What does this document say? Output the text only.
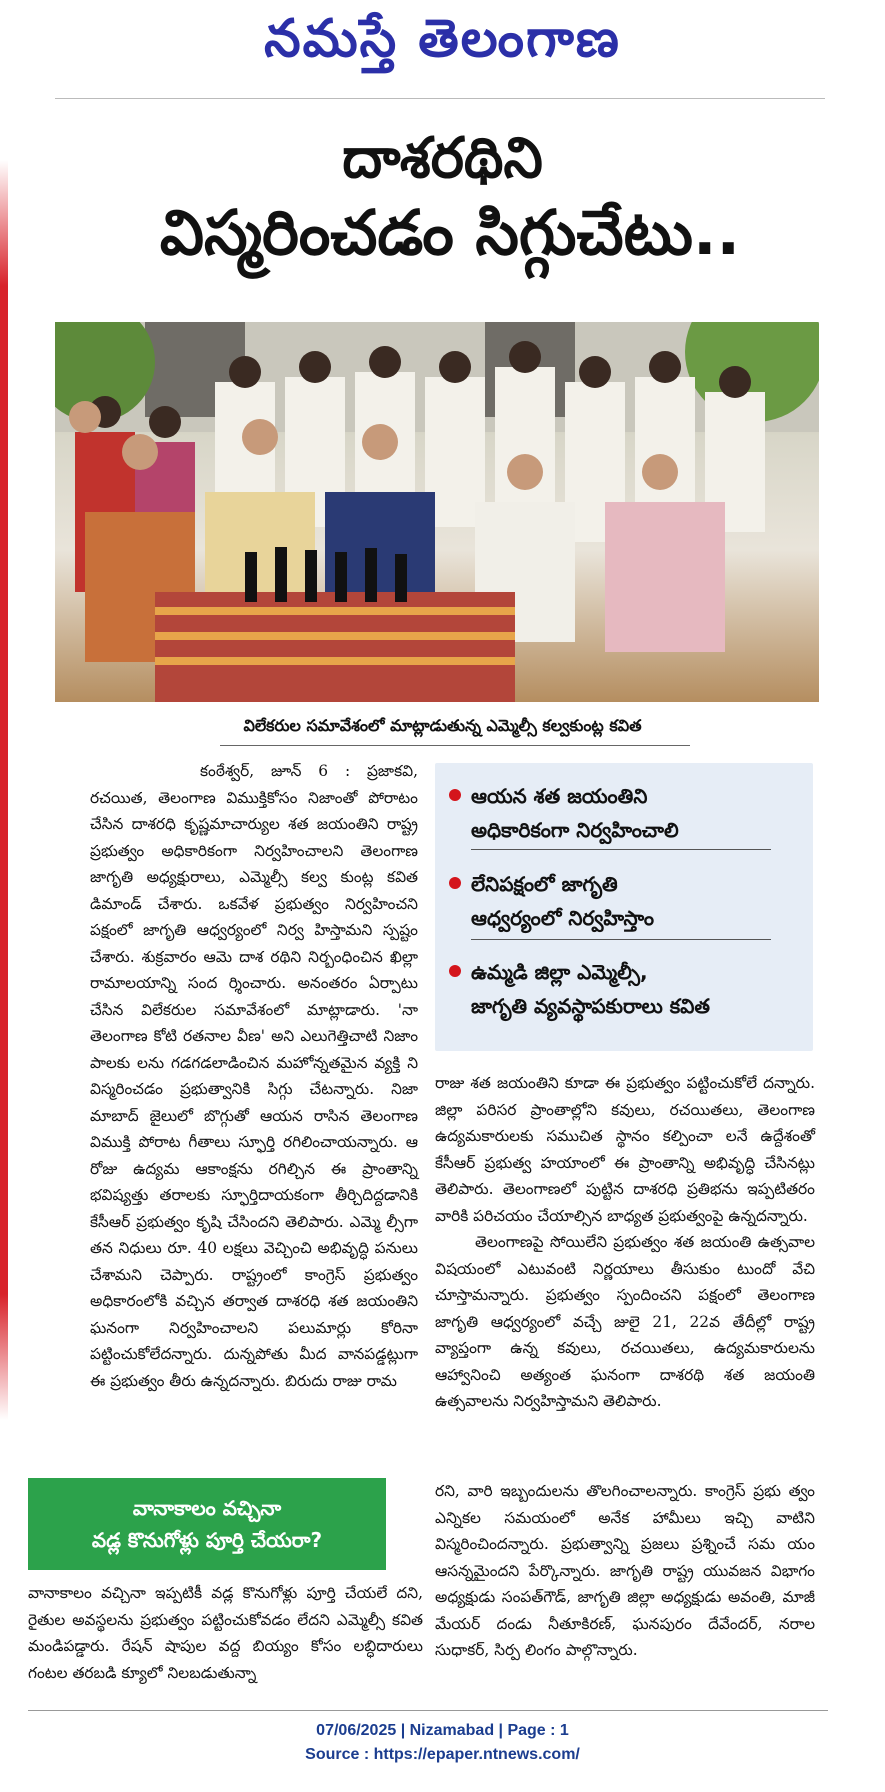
నమస్తే తెలంగాణ
దాశరథిని
విస్మరించడం సిగ్గుచేటు..
విలేకరుల సమావేశంలో మాట్లాడుతున్న ఎమ్మెల్సీ కల్వకుంట్ల కవిత

కంఠేశ్వర్, జూన్ 6 : ప్రజాకవి, రచయిత, తెలంగాణ విముక్తికోసం నిజాంతో పోరాటం చేసిన దాశరధి కృష్ణమాచార్యుల శత జయంతిని రాష్ట్ర ప్రభుత్వం అధికారికంగా నిర్వహించాలని తెలంగాణ జాగృతి అధ్యక్షురాలు, ఎమ్మెల్సీ కల్వ కుంట్ల కవిత డిమాండ్ చేశారు. ఒకవేళ ప్రభుత్వం నిర్వహించని పక్షంలో జాగృతి ఆధ్వర్యంలో నిర్వ హిస్తామని స్పష్టం చేశారు. శుక్రవారం ఆమె దాశ రథిని నిర్బంధించిన ఖిల్లా రామాలయాన్ని సంద ర్శించారు. అనంతరం ఏర్పాటు చేసిన విలేకరుల సమావేశంలో మాట్లాడారు. 'నా తెలంగాణ కోటి రతనాల వీణ' అని ఎలుగెత్తిచాటి నిజాం పాలకు లను గడగడలాడించిన మహోన్నతమైన వ్యక్తి ని విస్మరించడం ప్రభుత్వానికి సిగ్గు చేటన్నారు. నిజా మాబాద్ జైలులో బొగ్గుతో ఆయన రాసిన తెలంగాణ విముక్తి పోరాట గీతాలు స్ఫూర్తి రగిలించాయన్నారు. ఆ రోజు ఉద్యమ ఆకాంక్షను రగిల్చిన ఈ ప్రాంతాన్ని భవిష్యత్తు తరాలకు స్ఫూర్తిదాయకంగా తీర్చిదిద్దడానికి కేసీఆర్ ప్రభుత్వం కృషి చేసిందని తెలిపారు. ఎమ్మె ల్సీగా తన నిధులు రూ. 40 లక్షలు వెచ్చించి అభివృద్ధి పనులు చేశామని చెప్పారు. రాష్ట్రంలో కాంగ్రెస్ ప్రభుత్వం అధికారంలోకి వచ్చిన తర్వాత దాశరధి శత జయంతిని ఘనంగా నిర్వహించాలని పలుమార్లు కోరినా పట్టించుకోలేదన్నారు. దున్నపోతు మీద వానపడ్డట్లుగా ఈ ప్రభుత్వం తీరు ఉన్నదన్నారు. బిరుదు రాజు రామ

ఆయన శత జయంతిని
అధికారికంగా నిర్వహించాలి
లేనిపక్షంలో జాగృతి
ఆధ్వర్యంలో నిర్వహిస్తాం
ఉమ్మడి జిల్లా ఎమ్మెల్సీ,
జాగృతి వ్యవస్థాపకురాలు కవిత

రాజు శత జయంతిని కూడా ఈ ప్రభుత్వం పట్టించుకోలే దన్నారు. జిల్లా పరిసర ప్రాంతాల్లోని కవులు, రచయితలు, తెలంగాణ ఉద్యమకారులకు సముచిత స్థానం కల్పించా లనే ఉద్దేశంతో కేసీఆర్ ప్రభుత్వ హయాంలో ఈ ప్రాంతాన్ని అభివృద్ధి చేసినట్లు తెలిపారు. తెలంగాణలో పుట్టిన దాశరధి ప్రతిభను ఇప్పటితరం వారికి పరిచయం చేయాల్సిన బాధ్యత ప్రభుత్వంపై ఉన్నదన్నారు.

తెలంగాణపై సోయిలేని ప్రభుత్వం శత జయంతి ఉత్సవాల విషయంలో ఎటువంటి నిర్ణయాలు తీసుకుం టుందో వేచి చూస్తామన్నారు. ప్రభుత్వం స్పందించని పక్షంలో తెలంగాణ జాగృతి ఆధ్వర్యంలో వచ్చే జులై 21, 22వ తేదీల్లో రాష్ట్ర వ్యాప్తంగా ఉన్న కవులు, రచయితలు, ఉద్యమకారులను ఆహ్వానించి అత్యంత ఘనంగా దాశరథి శత జయంతి ఉత్సవాలను నిర్వహిస్తామని తెలిపారు.

వానాకాలం వచ్చినా
వడ్ల కొనుగోళ్లు పూర్తి చేయరా?

వానాకాలం వచ్చినా ఇప్పటికీ వడ్ల కొనుగోళ్లు పూర్తి చేయలే దని, రైతుల అవస్థలను ప్రభుత్వం పట్టించుకోవడం లేదని ఎమ్మెల్సీ కవిత మండిపడ్డారు. రేషన్ షాపుల వద్ద బియ్యం కోసం లబ్ధిదారులు గంటల తరబడి క్యూలో నిలబడుతున్నా

రని, వారి ఇబ్బందులను తొలగించాలన్నారు. కాంగ్రెస్ ప్రభు త్వం ఎన్నికల సమయంలో అనేక హామీలు ఇచ్చి వాటిని విస్మరించిందన్నారు. ప్రభుత్వాన్ని ప్రజలు ప్రశ్నించే సమ యం ఆసన్నమైందని పేర్కొన్నారు. జాగృతి రాష్ట్ర యువజన విభాగం అధ్యక్షుడు సంపత్‌గౌడ్, జాగృతి జిల్లా అధ్యక్షుడు అవంతి, మాజీ మేయర్ దండు నీతూకిరణ్, ఘనపురం దేవేందర్, నరాల సుధాకర్, సిర్ప లింగం పాల్గొన్నారు.

07/06/2025 | Nizamabad | Page : 1
Source : https://epaper.ntnews.com/
